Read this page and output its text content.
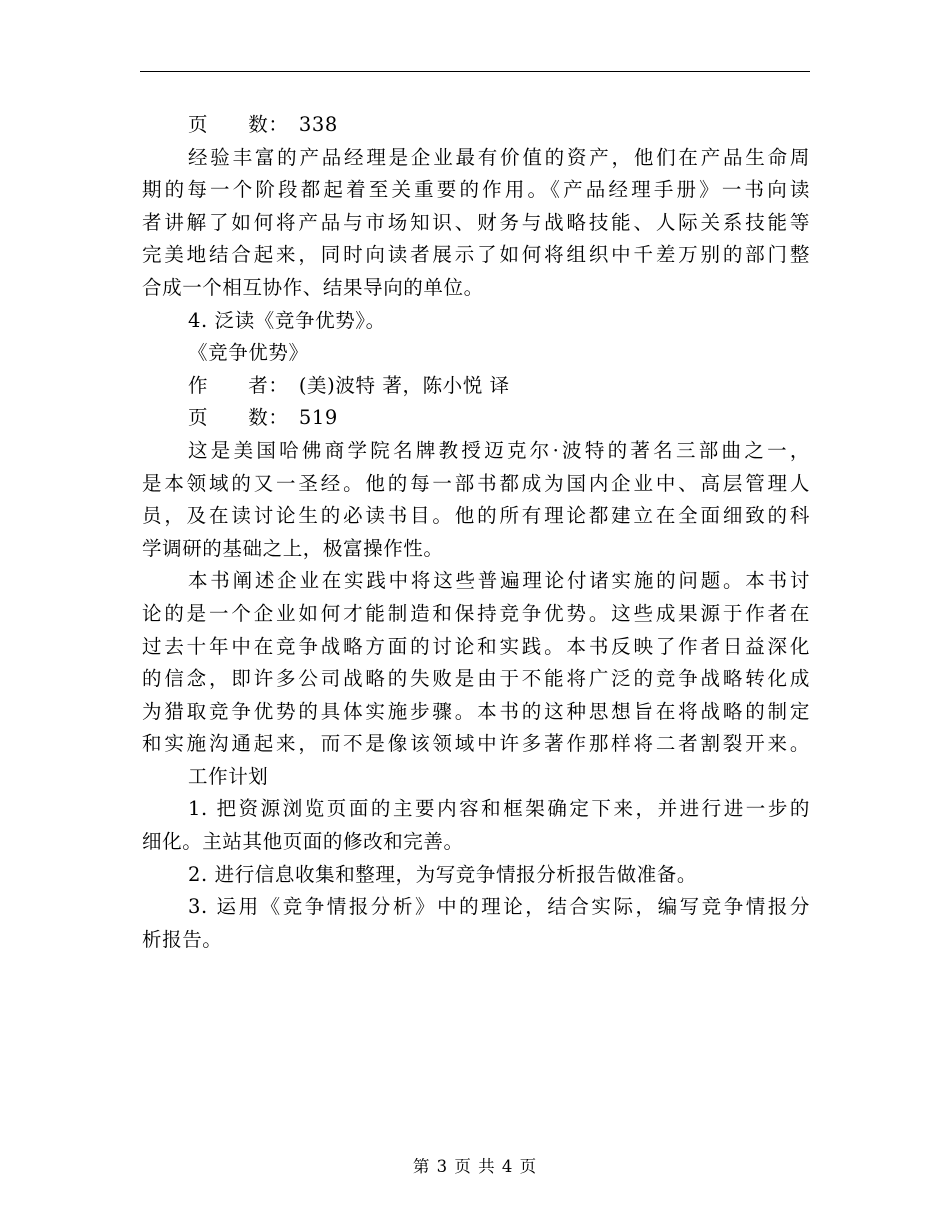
页　　数：　338
经验丰富的产品经理是企业最有价值的资产，他们在产品生命周
期的每一个阶段都起着至关重要的作用。《产品经理手册》一书向读
者讲解了如何将产品与市场知识、财务与战略技能、人际关系技能等
完美地结合起来，同时向读者展示了如何将组织中千差万别的部门整
合成一个相互协作、结果导向的单位。
4. 泛读《竞争优势》。
《竞争优势》
作　　者：　(美)波特 著，陈小悦 译
页　　数：　519
这是美国哈佛商学院名牌教授迈克尔·波特的著名三部曲之一，
是本领域的又一圣经。他的每一部书都成为国内企业中、高层管理人
员，及在读讨论生的必读书目。他的所有理论都建立在全面细致的科
学调研的基础之上，极富操作性。
本书阐述企业在实践中将这些普遍理论付诸实施的问题。本书讨
论的是一个企业如何才能制造和保持竞争优势。这些成果源于作者在
过去十年中在竞争战略方面的讨论和实践。本书反映了作者日益深化
的信念，即许多公司战略的失败是由于不能将广泛的竞争战略转化成
为猎取竞争优势的具体实施步骤。本书的这种思想旨在将战略的制定
和实施沟通起来，而不是像该领域中许多著作那样将二者割裂开来。
工作计划
1. 把资源浏览页面的主要内容和框架确定下来，并进行进一步的
细化。主站其他页面的修改和完善。
2. 进行信息收集和整理，为写竞争情报分析报告做准备。
3. 运用《竞争情报分析》中的理论，结合实际，编写竞争情报分
析报告。
第 3 页 共 4 页
